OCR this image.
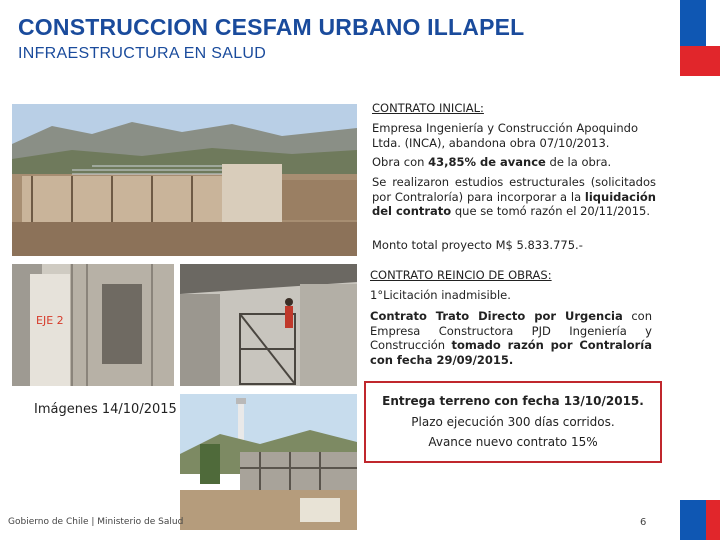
CONSTRUCCION CESFAM URBANO ILLAPEL
INFRAESTRUCTURA EN SALUD
EJE 2
Imágenes 14/10/2015
CONTRATO INICIAL:
Empresa Ingeniería y Construcción Apoquindo Ltda. (INCA), abandona obra 07/10/2013.
Obra con 43,85% de avance de la obra.
Se realizaron estudios estructurales (solicitados por Contraloría) para incorporar a la liquidación del contrato que se tomó razón el 20/11/2015.
Monto total proyecto M$ 5.833.775.-
CONTRATO REINCIO DE OBRAS:
1°Licitación inadmisible.
Contrato Trato Directo por Urgencia con Empresa Constructora PJD Ingeniería y Construcción tomado razón por Contraloría con fecha 29/09/2015.
Entrega terreno con fecha 13/10/2015.
Plazo ejecución 300 días corridos.
Avance nuevo contrato 15%
Gobierno de Chile | Ministerio de Salud	6
